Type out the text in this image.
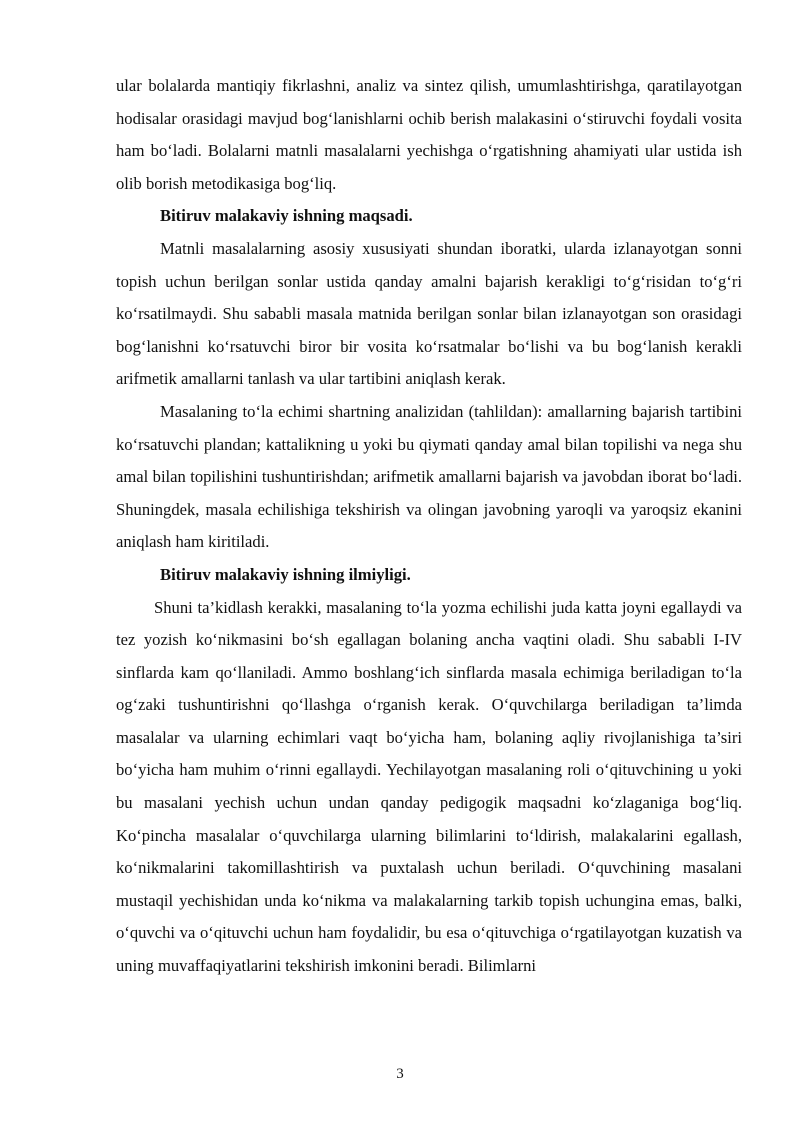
ular bolalarda mantiqiy fikrlashni, analiz va sintez qilish, umumlashtirishga, qaratilayotgan hodisalar orasidagi mavjud bog‘lanishlarni ochib berish malakasini o‘stiruvchi foydali vosita ham bo‘ladi. Bolalarni matnli masalalarni yechishga o‘rgatishning ahamiyati ular ustida ish olib borish metodikasiga bog‘liq.

Bitiruv malakaviy ishning maqsadi.

Matnli masalalarning asosiy xususiyati shundan iboratki, ularda izlanayotgan sonni topish uchun berilgan sonlar ustida qanday amalni bajarish kerakligi to‘g‘risidan to‘g‘ri ko‘rsatilmaydi. Shu sababli masala matnida berilgan sonlar bilan izlanayotgan son orasidagi bog‘lanishni ko‘rsatuvchi biror bir vosita ko‘rsatmalar bo‘lishi va bu bog‘lanish kerakli arifmetik amallarni tanlash va ular tartibini aniqlash kerak.

Masalaning to‘la echimi shartning analizidan (tahlildan): amallarning bajarish tartibini ko‘rsatuvchi plandan; kattalikning u yoki bu qiymati qanday amal bilan topilishi va nega shu amal bilan topilishini tushuntirishdan; arifmetik amallarni bajarish va javobdan iborat bo‘ladi. Shuningdek, masala echilishiga tekshirish va olingan javobning yaroqli va yaroqsiz ekanini aniqlash ham kiritiladi.

Bitiruv malakaviy ishning ilmiyligi.

Shuni ta’kidlash kerakki, masalaning to‘la yozma echilishi juda katta joyni egallaydi va tez yozish ko‘nikmasini bo‘sh egallagan bolaning ancha vaqtini oladi. Shu sababli I-IV sinflarda kam qo‘llaniladi. Ammo boshlang‘ich sinflarda masala echimiga beriladigan to‘la og‘zaki tushuntirishni qo‘llashga o‘rganish kerak. O‘quvchilarga beriladigan ta’limda masalalar va ularning echimlari vaqt bo‘yicha ham, bolaning aqliy rivojlanishiga ta’siri bo‘yicha ham muhim o‘rinni egallaydi. Yechilayotgan masalaning roli o‘qituvchining u yoki bu masalani yechish uchun undan qanday pedigogik maqsadni ko‘zlaganiga bog‘liq. Ko‘pincha masalalar o‘quvchilarga ularning bilimlarini to‘ldirish, malakalarini egallash, ko‘nikmalarini takomillashtirish va puxtalash uchun beriladi. O‘quvchining masalani mustaqil yechishidan unda ko‘nikma va malakalarning tarkib topish uchungina emas, balki, o‘quvchi va o‘qituvchi uchun ham foydalidir, bu esa o‘qituvchiga o‘rgatilayotgan kuzatish va uning muvaffaqiyatlarini tekshirish imkonini beradi. Bilimlarni

3
